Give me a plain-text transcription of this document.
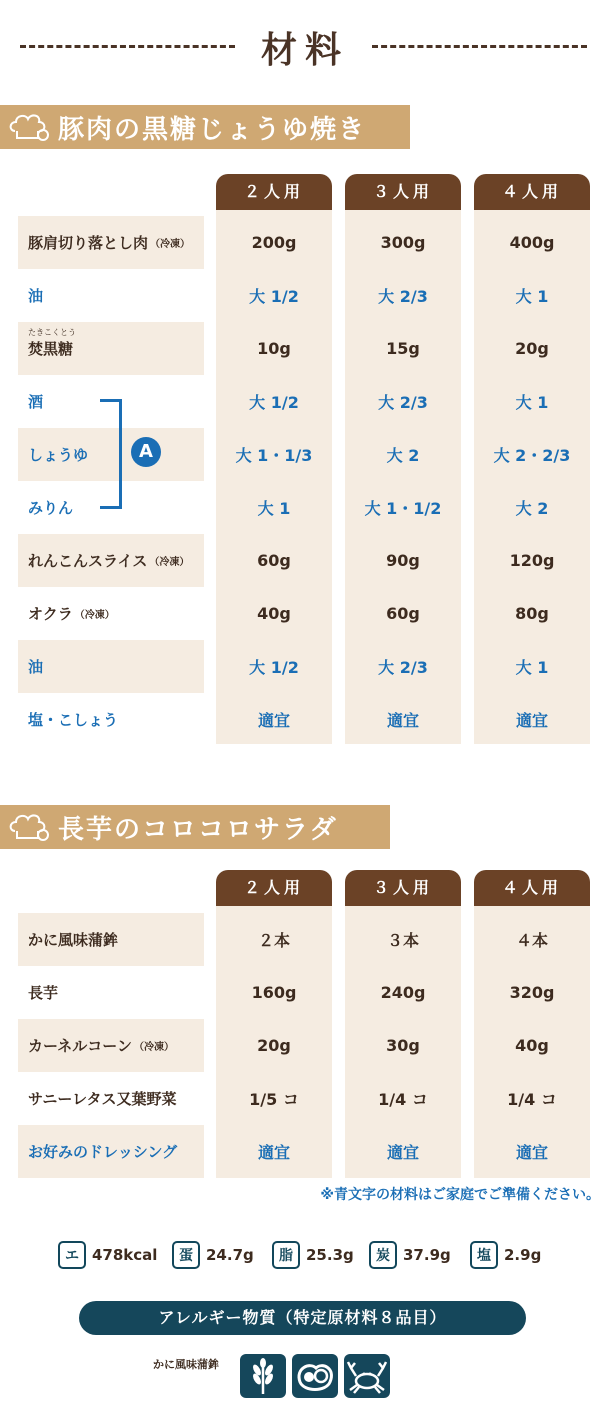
材料
豚肉の黒糖じょうゆ焼き
２人用	３人用	４人用
豚肩切り落とし肉 （冷凍）	200g	300g	400g
油	大 1/2	大 2/3	大 1
たきこくとう
焚黒糖	10g	15g	20g
酒	大 1/2	大 2/3	大 1
しょうゆ	大 1・1/3	大 2	大 2・2/3
みりん	大 1	大 1・1/2	大 2
れんこんスライス （冷凍）	60g	90g	120g
オクラ （冷凍）	40g	60g	80g
油	大 1/2	大 2/3	大 1
塩・こしょう	適宜	適宜	適宜
A
長芋のコロコロサラダ
２人用	３人用	４人用
かに風味蒲鉾	２本	３本	４本
長芋	160g	240g	320g
カーネルコーン （冷凍）	20g	30g	40g
サニーレタス又葉野菜	1/5 コ	1/4 コ	1/4 コ
お好みのドレッシング	適宜	適宜	適宜
※青文字の材料はご家庭でご準備ください。
エ 478kcal	蛋 24.7g	脂 25.3g	炭 37.9g	塩 2.9g
アレルギー物質（特定原材料８品目）
かに風味蒲鉾
